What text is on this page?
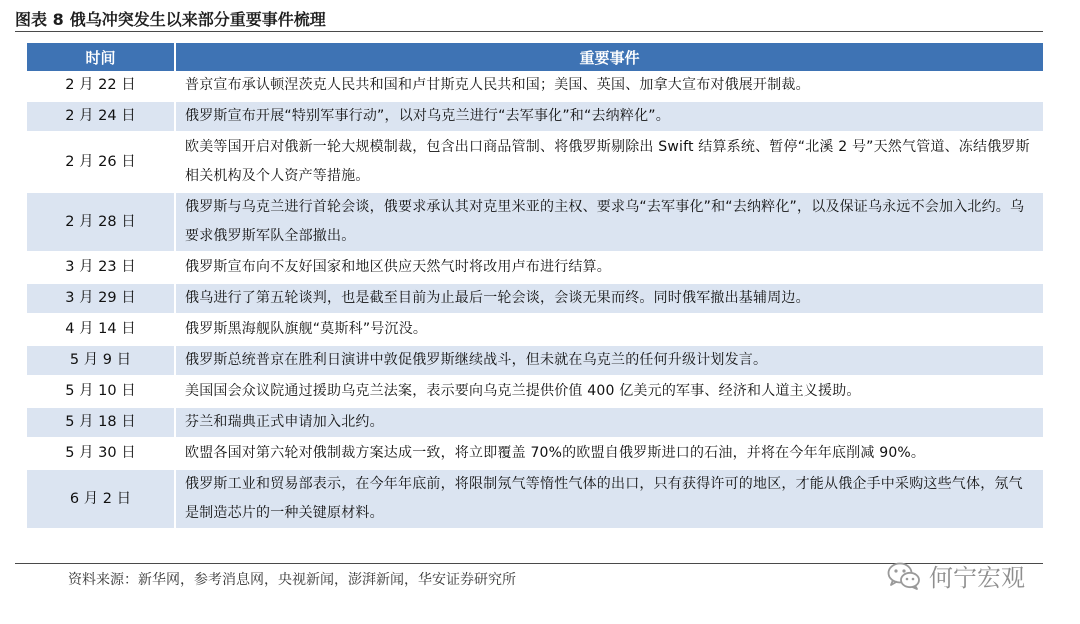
图表 8 俄乌冲突发生以来部分重要事件梳理
时间	重要事件
2 月 22 日	普京宣布承认顿涅茨克人民共和国和卢甘斯克人民共和国；美国、英国、加拿大宣布对俄展开制裁。
2 月 24 日	俄罗斯宣布开展“特别军事行动”，以对乌克兰进行“去军事化”和“去纳粹化”。
2 月 26 日	欧美等国开启对俄新一轮大规模制裁，包含出口商品管制、将俄罗斯剔除出 Swift 结算系统、暂停“北溪 2 号”天然气管道、冻结俄罗斯相关机构及个人资产等措施。
2 月 28 日	俄罗斯与乌克兰进行首轮会谈，俄要求承认其对克里米亚的主权、要求乌“去军事化”和“去纳粹化”，以及保证乌永远不会加入北约。乌要求俄罗斯军队全部撤出。
3 月 23 日	俄罗斯宣布向不友好国家和地区供应天然气时将改用卢布进行结算。
3 月 29 日	俄乌进行了第五轮谈判，也是截至目前为止最后一轮会谈，会谈无果而终。同时俄军撤出基辅周边。
4 月 14 日	俄罗斯黑海舰队旗舰“莫斯科”号沉没。
5 月 9 日	俄罗斯总统普京在胜利日演讲中敦促俄罗斯继续战斗，但未就在乌克兰的任何升级计划发言。
5 月 10 日	美国国会众议院通过援助乌克兰法案，表示要向乌克兰提供价值 400 亿美元的军事、经济和人道主义援助。
5 月 18 日	芬兰和瑞典正式申请加入北约。
5 月 30 日	欧盟各国对第六轮对俄制裁方案达成一致，将立即覆盖 70%的欧盟自俄罗斯进口的石油，并将在今年年底削减 90%。
6 月 2 日	俄罗斯工业和贸易部表示，在今年年底前，将限制氖气等惰性气体的出口，只有获得许可的地区，才能从俄企手中采购这些气体，氖气是制造芯片的一种关键原材料。
资料来源：新华网，参考消息网，央视新闻，澎湃新闻，华安证券研究所	何宁宏观
